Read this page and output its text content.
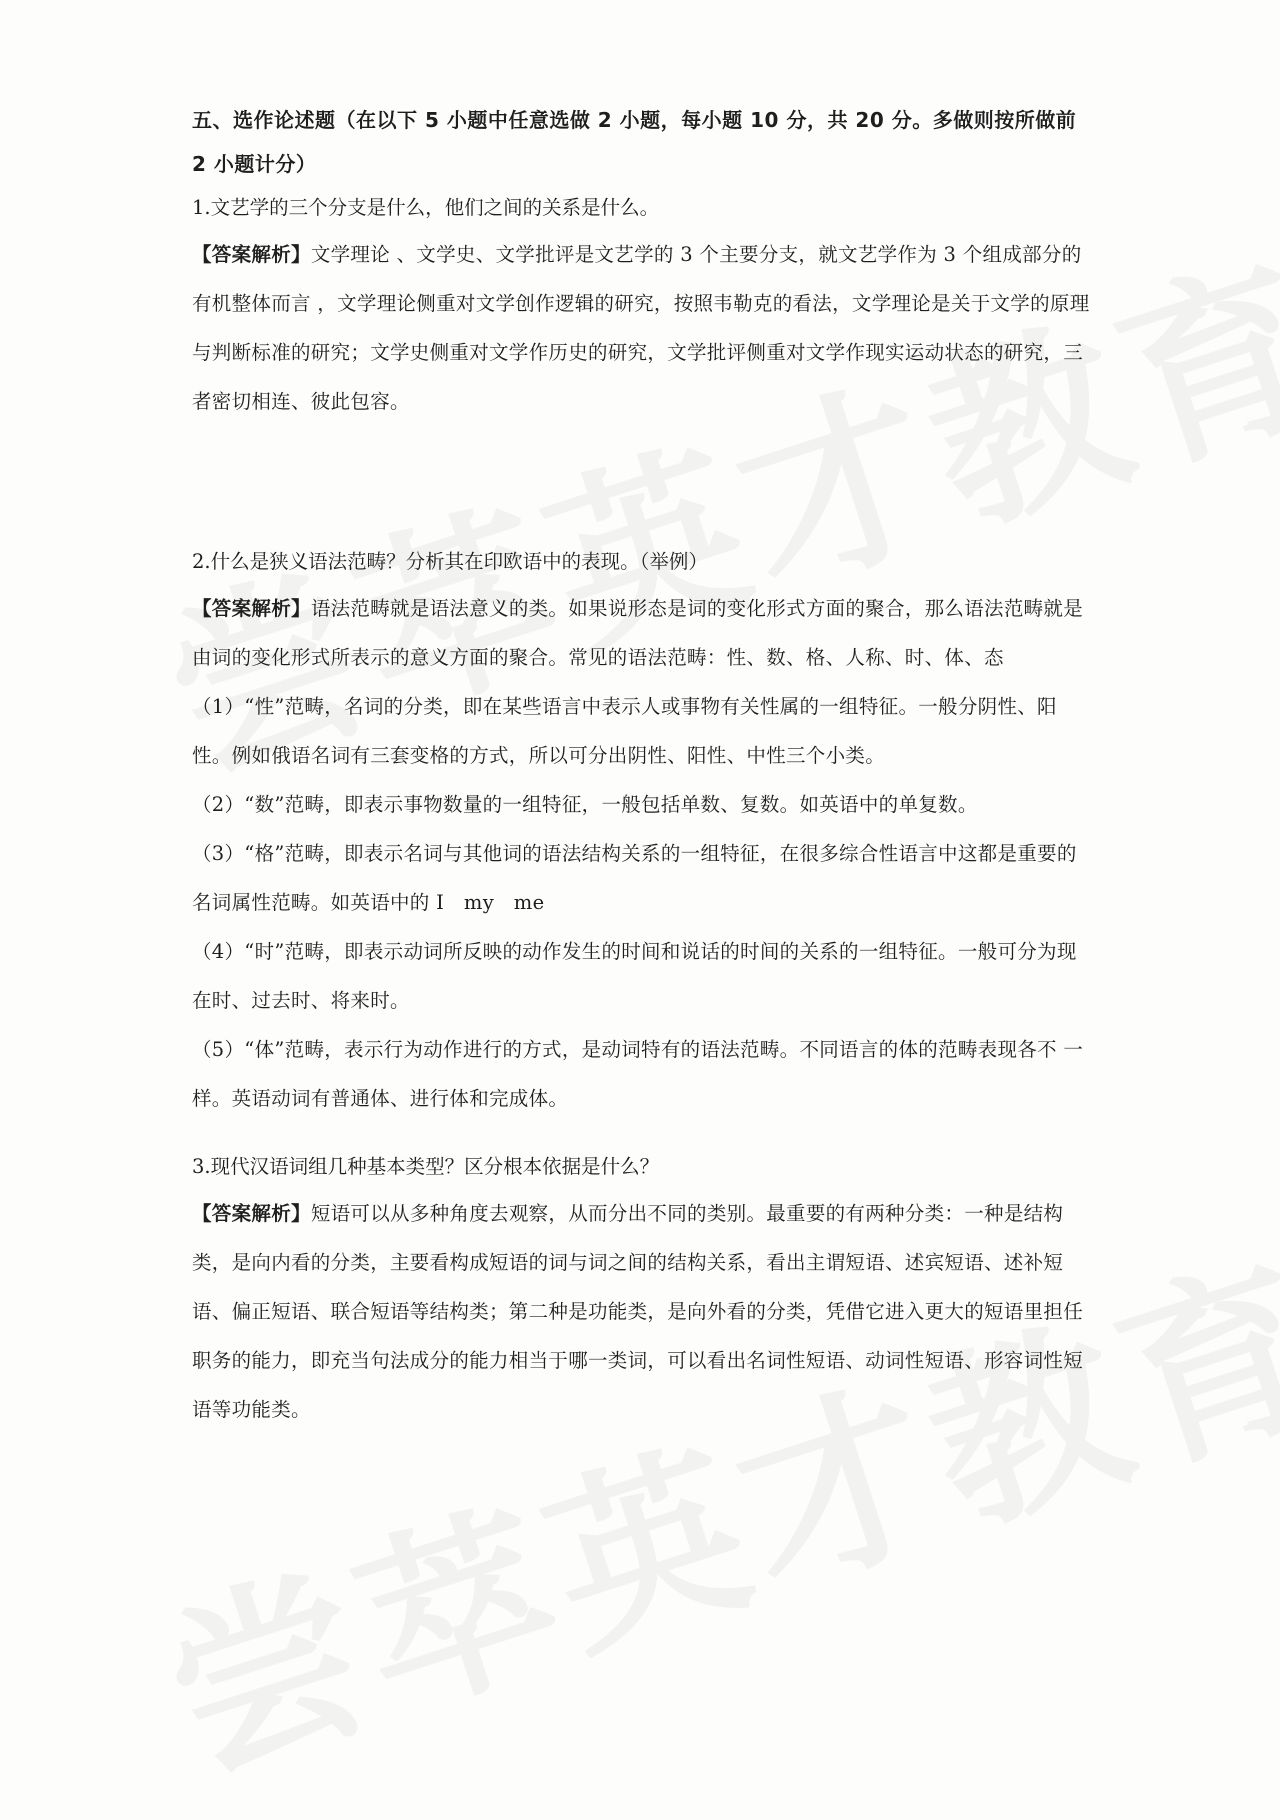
五、选作论述题（在以下 5 小题中任意选做 2 小题，每小题 10 分，共 20 分。多做则按所做前 2 小题计分）

1.文艺学的三个分支是什么，他们之间的关系是什么。

【答案解析】文学理论 、文学史、文学批评是文艺学的 3 个主要分支，就文艺学作为 3 个组成部分的有机整体而言 ，文学理论侧重对文学创作逻辑的研究，按照韦勒克的看法，文学理论是关于文学的原理与判断标准的研究；文学史侧重对文学作历史的研究，文学批评侧重对文学作现实运动状态的研究，三者密切相连、彼此包容。

2.什么是狭义语法范畴？分析其在印欧语中的表现。（举例）

【答案解析】语法范畴就是语法意义的类。如果说形态是词的变化形式方面的聚合，那么语法范畴就是由词的变化形式所表示的意义方面的聚合。常见的语法范畴：性、数、格、人称、时、体、态

（1）“性”范畴，名词的分类，即在某些语言中表示人或事物有关性属的一组特征。一般分阴性、阳性。例如俄语名词有三套变格的方式，所以可分出阴性、阳性、中性三个小类。

（2）“数”范畴，即表示事物数量的一组特征，一般包括单数、复数。如英语中的单复数。

（3）“格”范畴，即表示名词与其他词的语法结构关系的一组特征，在很多综合性语言中这都是重要的名词属性范畴。如英语中的 I　my　me

（4）“时”范畴，即表示动词所反映的动作发生的时间和说话的时间的关系的一组特征。一般可分为现在时、过去时、将来时。

（5）“体”范畴，表示行为动作进行的方式，是动词特有的语法范畴。不同语言的体的范畴表现各不 一样。英语动词有普通体、进行体和完成体。

3.现代汉语词组几种基本类型？区分根本依据是什么？

【答案解析】短语可以从多种角度去观察，从而分出不同的类别。最重要的有两种分类：一种是结构类，是向内看的分类，主要看构成短语的词与词之间的结构关系，看出主谓短语、述宾短语、述补短语、偏正短语、联合短语等结构类；第二种是功能类，是向外看的分类，凭借它进入更大的短语里担任职务的能力，即充当句法成分的能力相当于哪一类词，可以看出名词性短语、动词性短语、形容词性短语等功能类。
